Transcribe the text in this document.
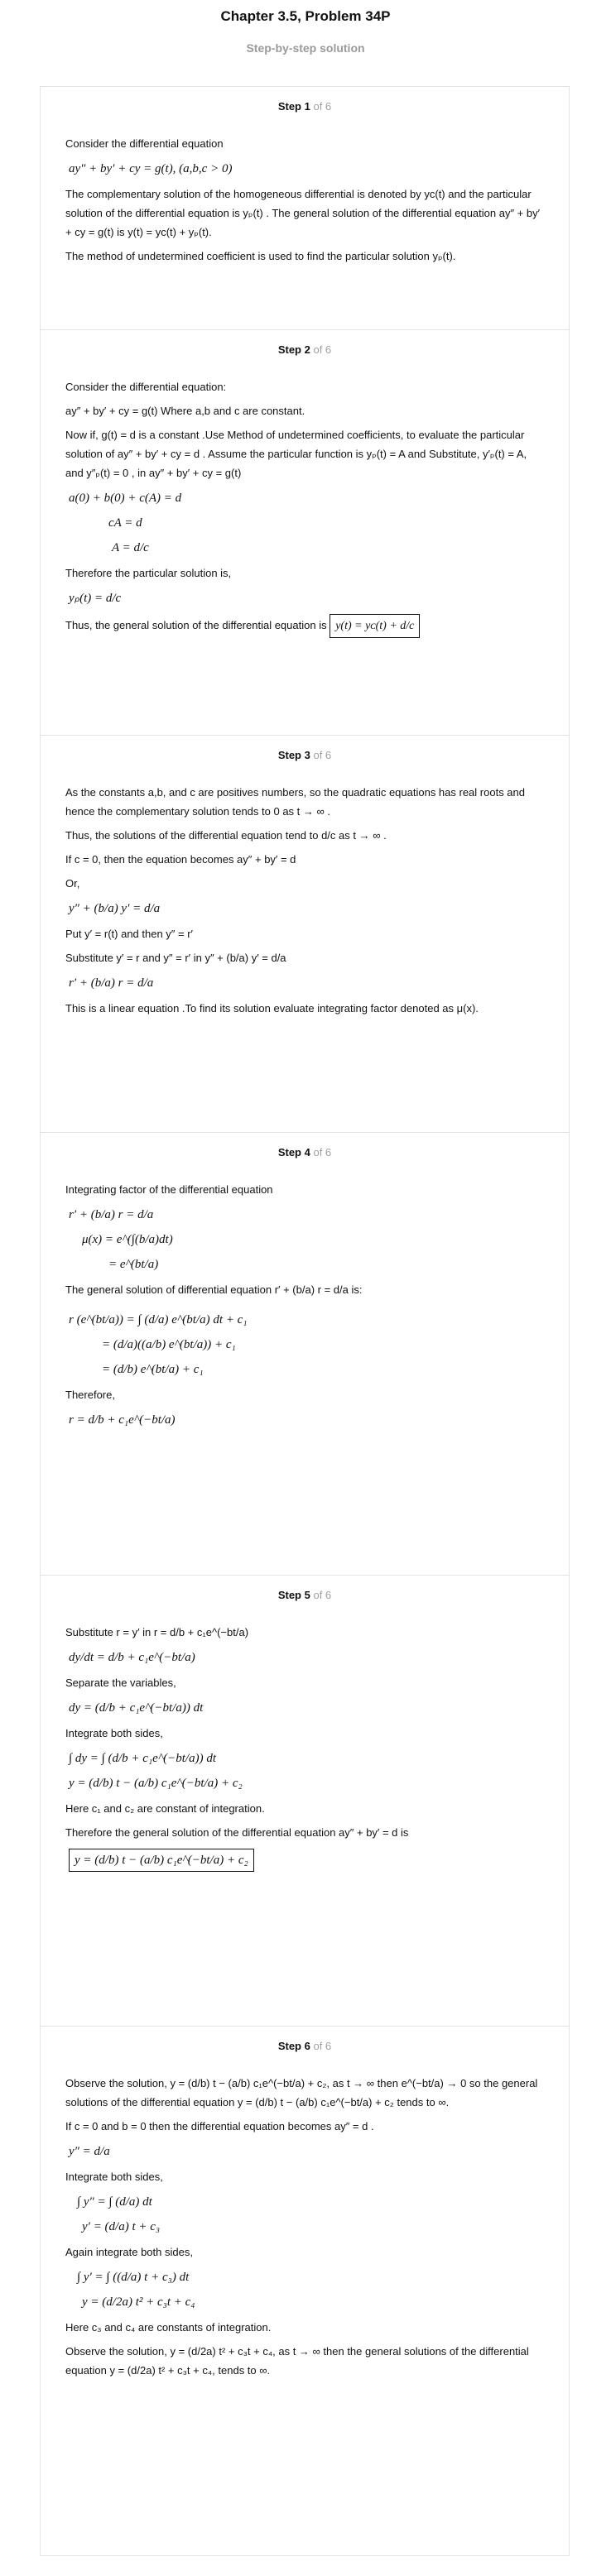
Chapter 3.5, Problem 34P
Step-by-step solution
Step 1 of 6
Consider the differential equation
ay″ + by′ + cy = g(t), (a,b,c > 0)
The complementary solution of the homogeneous differential is denoted by yᴄ(t) and the particular solution of the differential equation is yₚ(t) . The general solution of the differential equation ay″ + by′ + cy = g(t) is y(t) = yᴄ(t) + yₚ(t).
The method of undetermined coefficient is used to find the particular solution yₚ(t).
Step 2 of 6
Consider the differential equation:
ay″ + by′ + cy = g(t) Where a,b and c are constant.
Now if, g(t) = d is a constant .Use Method of undetermined coefficients, to evaluate the particular solution of ay″ + by′ + cy = d . Assume the particular function is yₚ(t) = A and Substitute, y′ₚ(t) = A, and y″ₚ(t) = 0 , in ay″ + by′ + cy = g(t)
a(0) + b(0) + c(A) = d
cA = d
A = d/c
Therefore the particular solution is,
yₚ(t) = d/c
Thus, the general solution of the differential equation is y(t) = yᴄ(t) + d/c
Step 3 of 6
As the constants a,b, and c are positives numbers, so the quadratic equations has real roots and hence the complementary solution tends to 0 as t → ∞ .
Thus, the solutions of the differential equation tend to d/c as t → ∞ .
If c = 0, then the equation becomes ay″ + by′ = d
Or,
y″ + (b/a) y′ = d/a
Put y′ = r(t) and then y″ = r′
Substitute y′ = r and y″ = r′ in y″ + (b/a) y′ = d/a
r′ + (b/a) r = d/a
This is a linear equation .To find its solution evaluate integrating factor denoted as μ(x).
Step 4 of 6
Integrating factor of the differential equation
r′ + (b/a) r = d/a
μ(x) = e^(∫(b/a)dt)
= e^(bt/a)
The general solution of differential equation r′ + (b/a) r = d/a is:
r (e^(bt/a)) = ∫ (d/a) e^(bt/a) dt + c₁
= (d/a)((a/b) e^(bt/a)) + c₁
= (d/b) e^(bt/a) + c₁
Therefore,
r = d/b + c₁e^(−bt/a)
Step 5 of 6
Substitute r = y′ in r = d/b + c₁e^(−bt/a)
dy/dt = d/b + c₁e^(−bt/a)
Separate the variables,
dy = (d/b + c₁e^(−bt/a)) dt
Integrate both sides,
∫ dy = ∫ (d/b + c₁e^(−bt/a)) dt
y = (d/b) t − (a/b) c₁e^(−bt/a) + c₂
Here c₁ and c₂ are constant of integration.
Therefore the general solution of the differential equation ay″ + by′ = d is
y = (d/b) t − (a/b) c₁e^(−bt/a) + c₂
Step 6 of 6
Observe the solution, y = (d/b) t − (a/b) c₁e^(−bt/a) + c₂, as t → ∞ then e^(−bt/a) → 0 so the general solutions of the differential equation y = (d/b) t − (a/b) c₁e^(−bt/a) + c₂ tends to ∞.
If c = 0 and b = 0 then the differential equation becomes ay″ = d .
y″ = d/a
Integrate both sides,
∫ y″ = ∫ (d/a) dt
y′ = (d/a) t + c₃
Again integrate both sides,
∫ y′ = ∫ ((d/a) t + c₃) dt
y = (d/2a) t² + c₃t + c₄
Here c₃ and c₄ are constants of integration.
Observe the solution, y = (d/2a) t² + c₃t + c₄, as t → ∞ then the general solutions of the differential equation y = (d/2a) t² + c₃t + c₄, tends to ∞.
